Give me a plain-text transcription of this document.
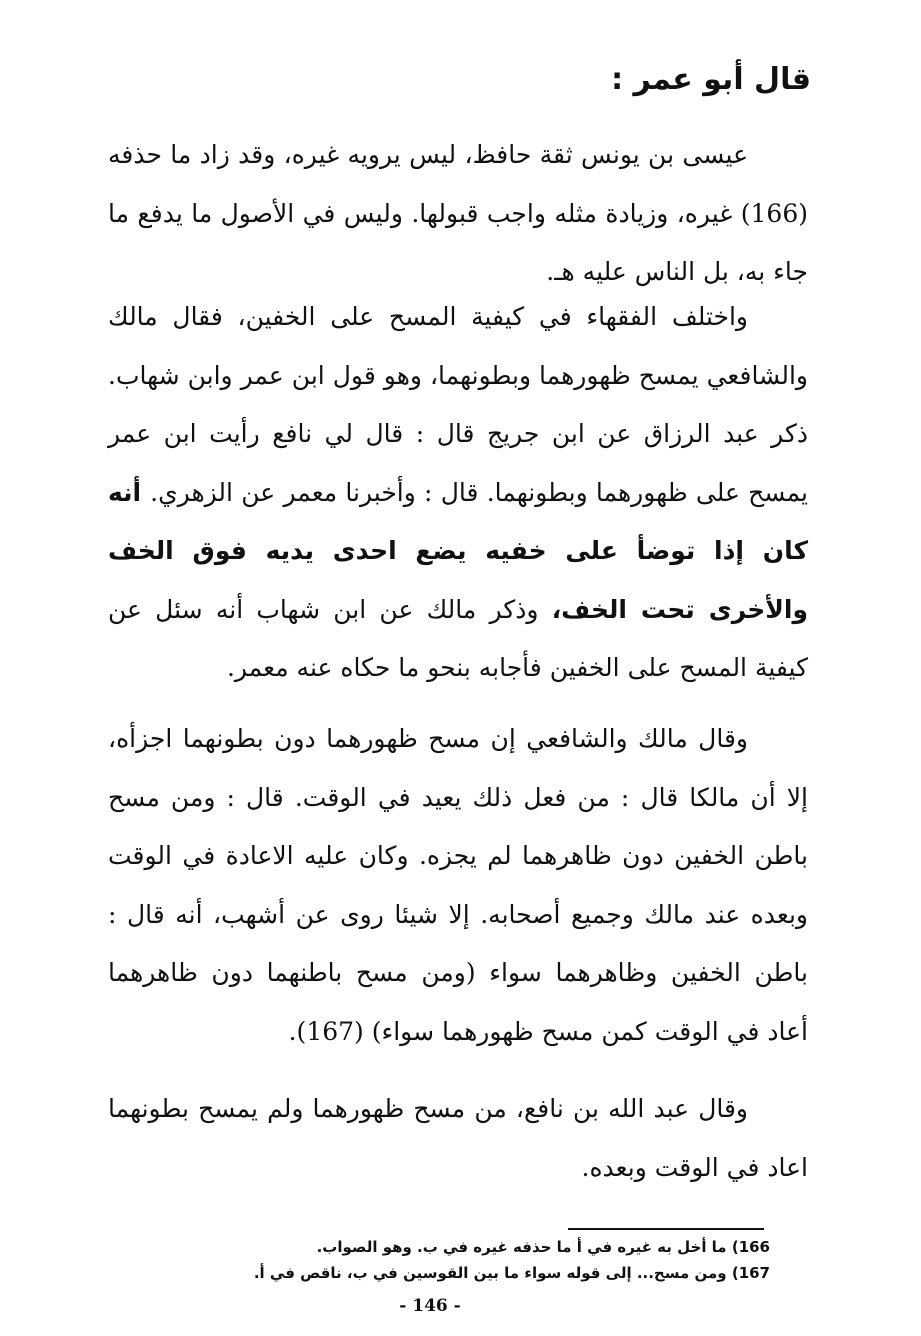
قال أبو عمر :

عيسى بن يونس ثقة حافظ، ليس يرويه غيره، وقد زاد ما حذفه (166) غيره، وزيادة مثله واجب قبولها. وليس في الأصول ما يدفع ما جاء به، بل الناس عليه هـ.

واختلف الفقهاء في كيفية المسح على الخفين، فقال مالك والشافعي يمسح ظهورهما وبطونهما، وهو قول ابن عمر وابن شهاب. ذكر عبد الرزاق عن ابن جريج قال : قال لي نافع رأيت ابن عمر يمسح على ظهورهما وبطونهما. قال : وأخبرنا معمر عن الزهري. أنه كان إذا توضأ على خفيه يضع احدى يديه فوق الخف والأخرى تحت الخف، وذكر مالك عن ابن شهاب أنه سئل عن كيفية المسح على الخفين فأجابه بنحو ما حكاه عنه معمر.

وقال مالك والشافعي إن مسح ظهورهما دون بطونهما اجزأه، إلا أن مالكا قال : من فعل ذلك يعيد في الوقت. قال : ومن مسح باطن الخفين دون ظاهرهما لم يجزه. وكان عليه الاعادة في الوقت وبعده عند مالك وجميع أصحابه. إلا شيئا روى عن أشهب، أنه قال : باطن الخفين وظاهرهما سواء (ومن مسح باطنهما دون ظاهرهما أعاد في الوقت كمن مسح ظهورهما سواء) (167).

وقال عبد الله بن نافع، من مسح ظهورهما ولم يمسح بطونهما اعاد في الوقت وبعده.

166) ما أخل به غيره في أ ما حذفه غيره في ب. وهو الصواب.

167) ومن مسح... إلى قوله سواء ما بين القوسين في ب، ناقص في أ.

- 146 -
